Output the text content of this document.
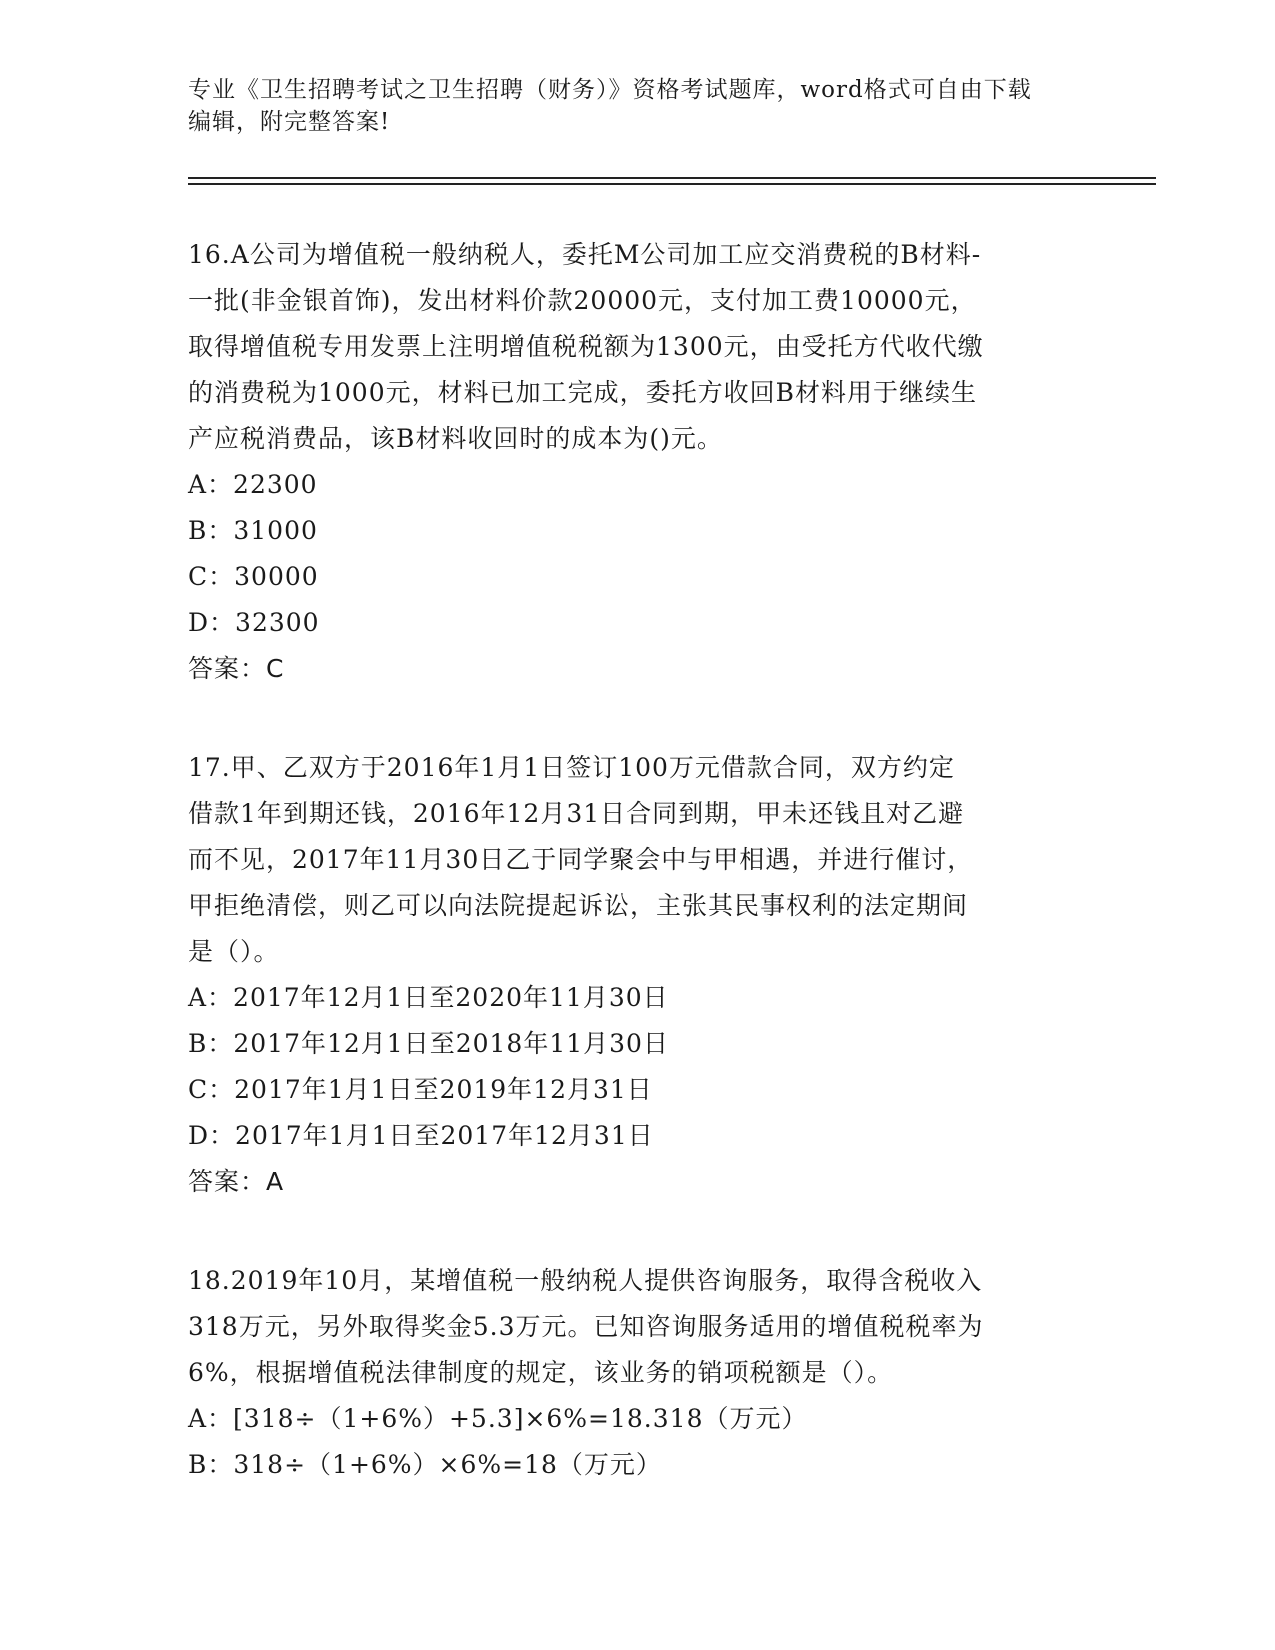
专业《卫生招聘考试之卫生招聘（财务）》资格考试题库，word格式可自由下载
编辑，附完整答案!
16.A公司为增值税一般纳税人，委托M公司加工应交消费税的B材料-
一批(非金银首饰)，发出材料价款20000元，支付加工费10000元，
取得增值税专用发票上注明增值税税额为1300元，由受托方代收代缴
的消费税为1000元，材料已加工完成，委托方收回B材料用于继续生
产应税消费品，该B材料收回时的成本为()元。
A：22300
B：31000
C：30000
D：32300
答案：C
17.甲、乙双方于2016年1月1日签订100万元借款合同，双方约定
借款1年到期还钱，2016年12月31日合同到期，甲未还钱且对乙避
而不见，2017年11月30日乙于同学聚会中与甲相遇，并进行催讨，
甲拒绝清偿，则乙可以向法院提起诉讼，主张其民事权利的法定期间
是（）。
A：2017年12月1日至2020年11月30日
B：2017年12月1日至2018年11月30日
C：2017年1月1日至2019年12月31日
D：2017年1月1日至2017年12月31日
答案：A
18.2019年10月，某增值税一般纳税人提供咨询服务，取得含税收入
318万元，另外取得奖金5.3万元。已知咨询服务适用的增值税税率为
6%，根据增值税法律制度的规定，该业务的销项税额是（）。
A：[318÷（1+6%）+5.3]×6%=18.318（万元）
B：318÷（1+6%）×6%=18（万元）
